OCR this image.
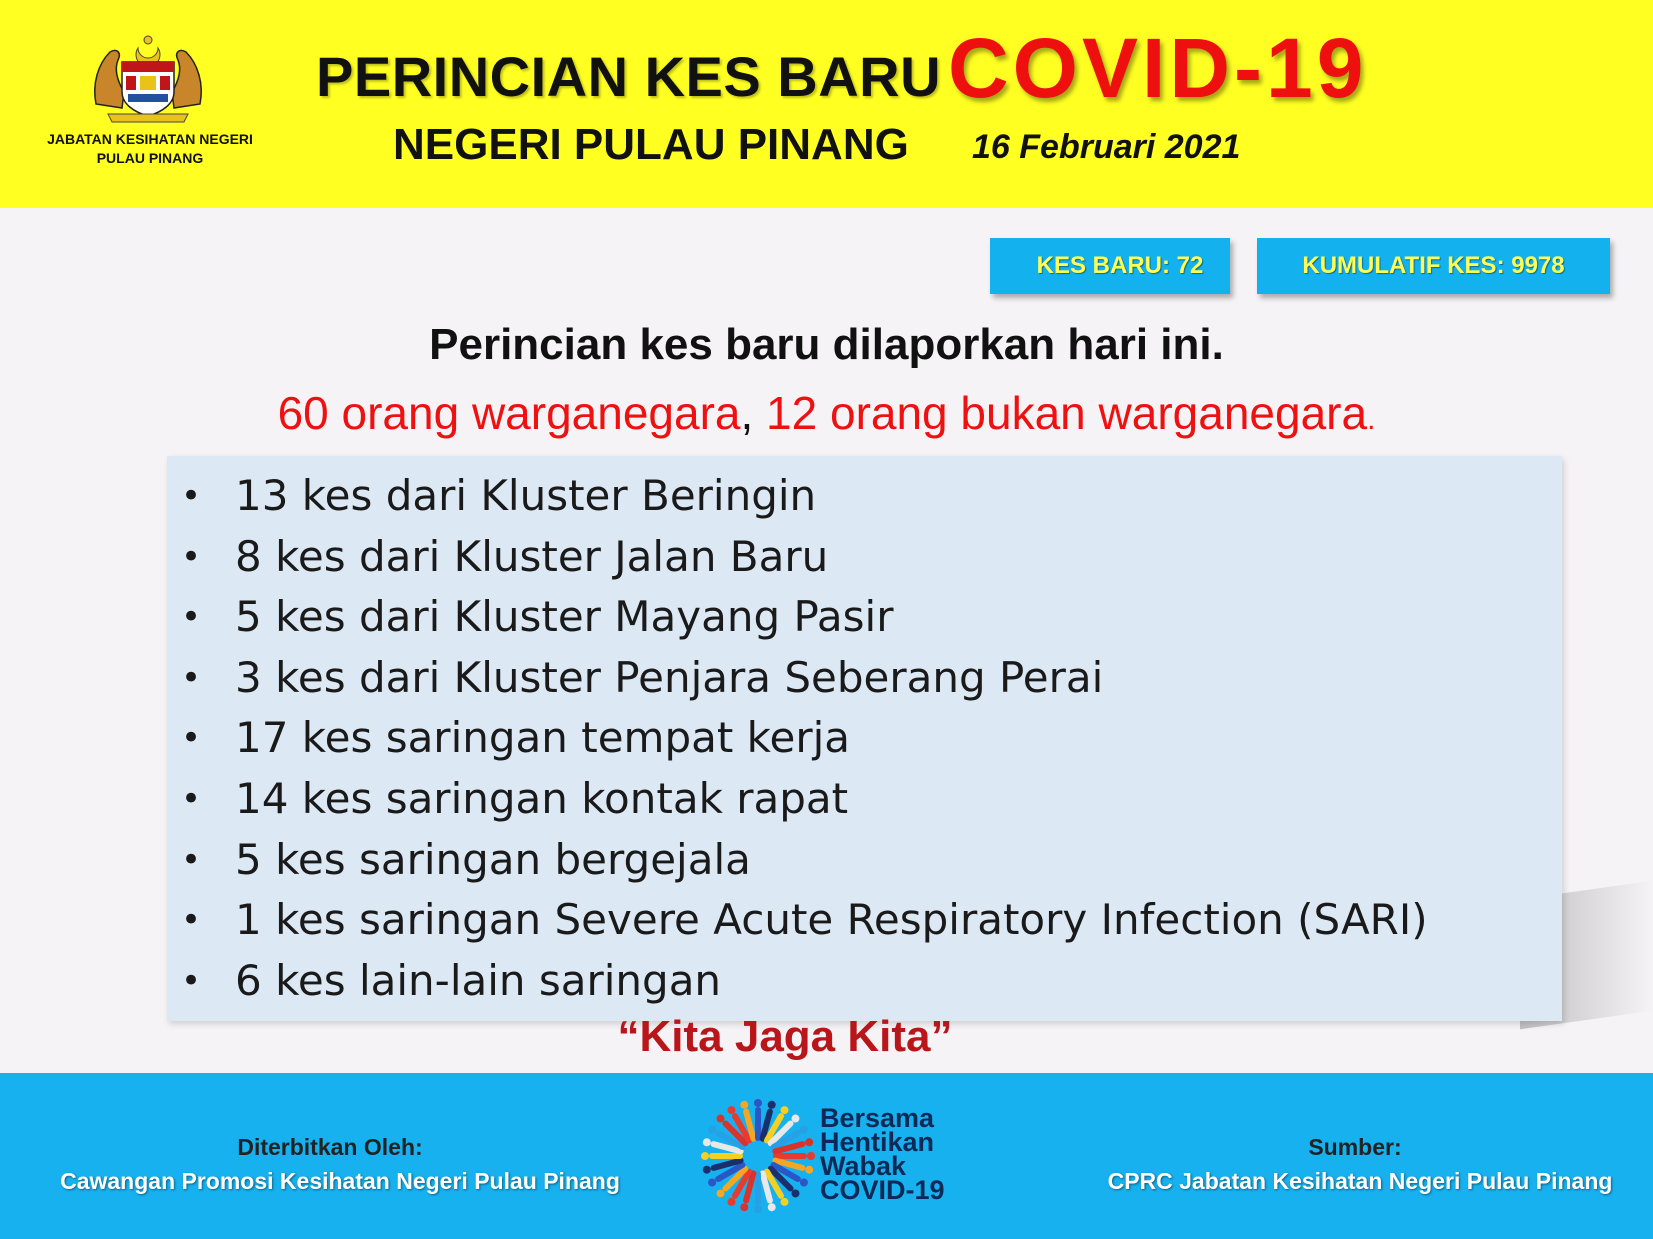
JABATAN KESIHATAN NEGERI
PULAU PINANG
PERINCIAN KES BARU COVID-19
NEGERI PULAU PINANG 16 Februari 2021
KES BARU: 72	KUMULATIF KES: 9978
Perincian kes baru dilaporkan hari ini.
60 orang warganegara, 12 orang bukan warganegara.
• 13 kes dari Kluster Beringin
• 8 kes dari Kluster Jalan Baru
• 5 kes dari Kluster Mayang Pasir
• 3 kes dari Kluster Penjara Seberang Perai
• 17 kes saringan tempat kerja
• 14 kes saringan kontak rapat
• 5 kes saringan bergejala
• 1 kes saringan Severe Acute Respiratory Infection (SARI)
• 6 kes lain-lain saringan
“Kita Jaga Kita”
Diterbitkan Oleh:
Cawangan Promosi Kesihatan Negeri Pulau Pinang
Sumber:
CPRC Jabatan Kesihatan Negeri Pulau Pinang
Bersama
Hentikan
Wabak
COVID-19
